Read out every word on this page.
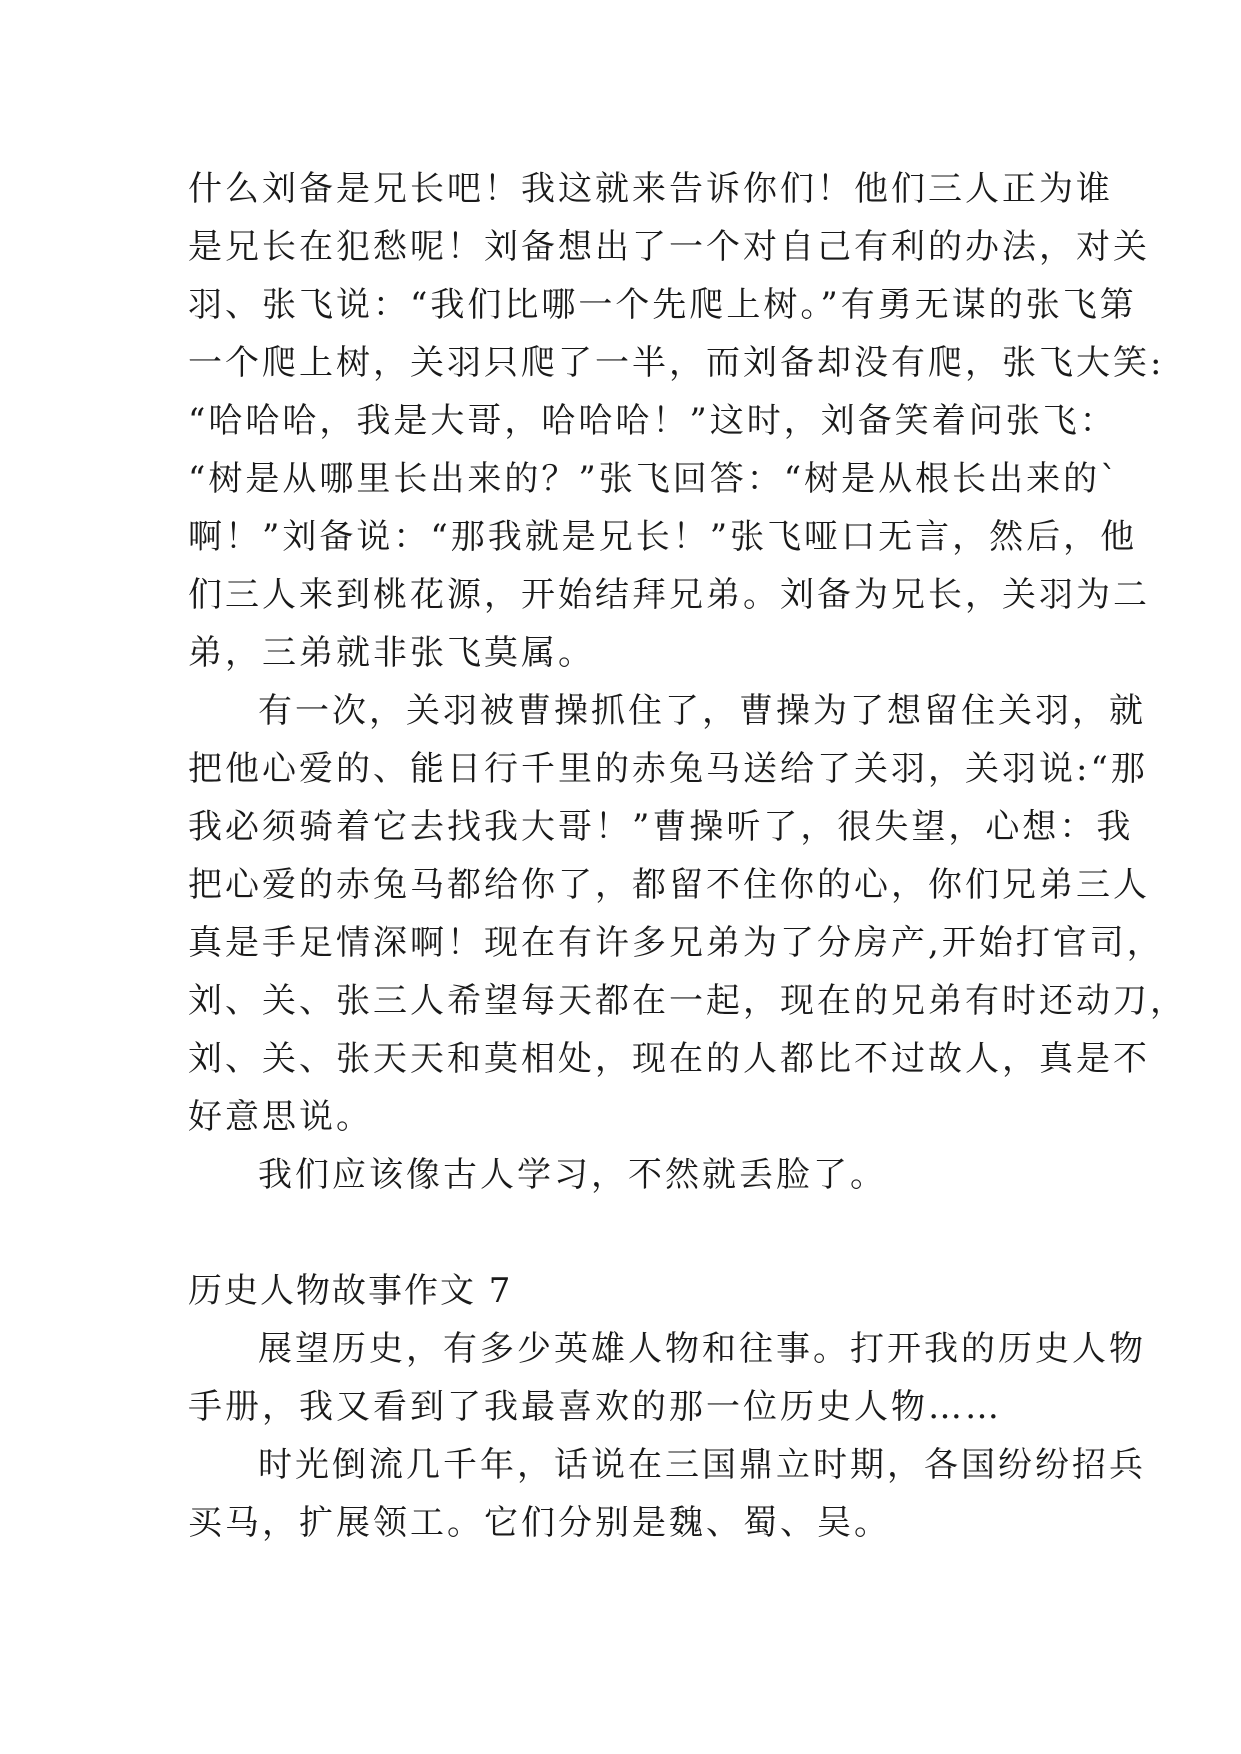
什么刘备是兄长吧！我这就来告诉你们！他们三人正为谁
是兄长在犯愁呢！刘备想出了一个对自己有利的办法，对关
羽、张飞说：“我们比哪一个先爬上树。”有勇无谋的张飞第
一个爬上树，关羽只爬了一半，而刘备却没有爬，张飞大笑:
“哈哈哈，我是大哥，哈哈哈！”这时，刘备笑着问张飞：
“树是从哪里长出来的？”张飞回答：“树是从根长出来的`
啊！”刘备说：“那我就是兄长！”张飞哑口无言，然后，他
们三人来到桃花源，开始结拜兄弟。刘备为兄长，关羽为二
弟，三弟就非张飞莫属。
有一次，关羽被曹操抓住了，曹操为了想留住关羽，就
把他心爱的、能日行千里的赤兔马送给了关羽，关羽说:“那
我必须骑着它去找我大哥！”曹操听了，很失望，心想：我
把心爱的赤兔马都给你了，都留不住你的心，你们兄弟三人
真是手足情深啊！现在有许多兄弟为了分房产,开始打官司，
刘、关、张三人希望每天都在一起，现在的兄弟有时还动刀，
刘、关、张天天和莫相处，现在的人都比不过故人，真是不
好意思说。
我们应该像古人学习，不然就丢脸了。
历史人物故事作文 7
展望历史，有多少英雄人物和往事。打开我的历史人物
手册，我又看到了我最喜欢的那一位历史人物……
时光倒流几千年，话说在三国鼎立时期，各国纷纷招兵
买马，扩展领工。它们分别是魏、蜀、吴。
